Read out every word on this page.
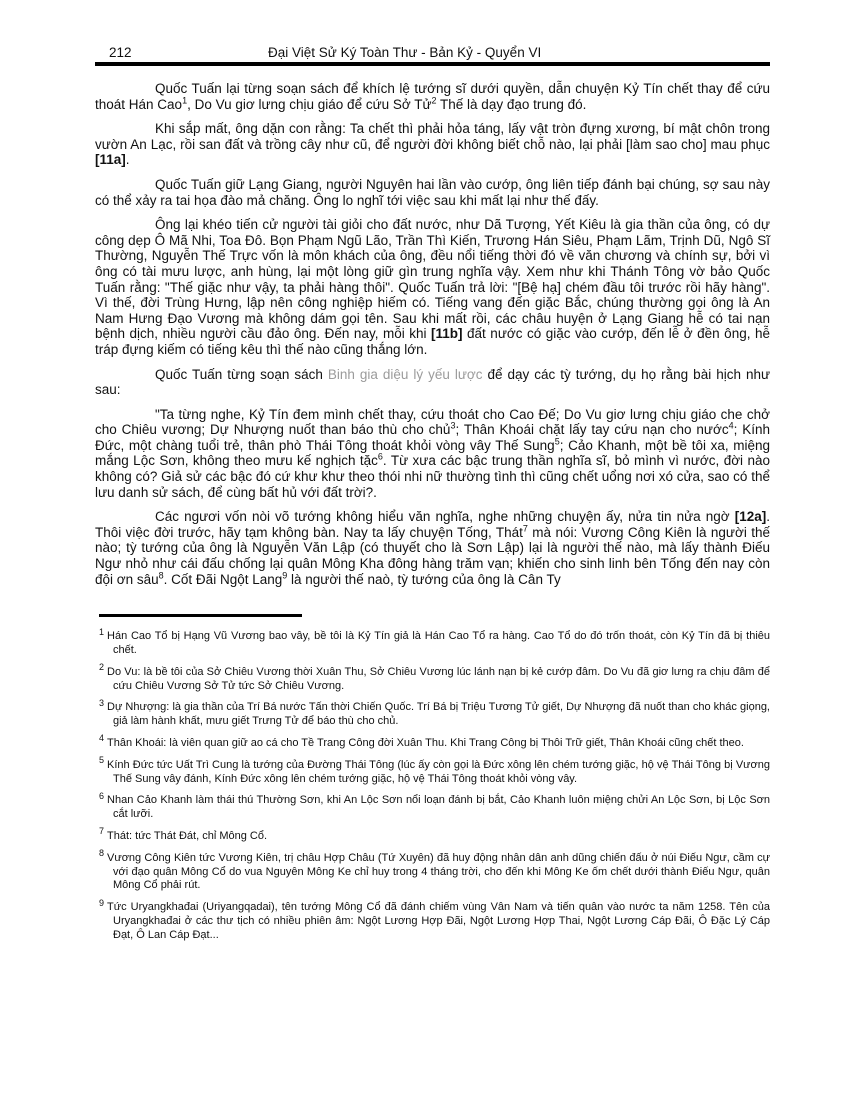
212	Đại Việt Sử Ký Toàn Thư - Bản Kỷ - Quyển VI

Quốc Tuấn lại từng soạn sách để khích lệ tướng sĩ dưới quyền, dẫn chuyện Kỷ Tín chết thay để cứu thoát Hán Cao$^1$, Do Vu giơ lưng chịu giáo để cứu Sở Tử$^2$ Thế là dạy đạo trung đó.

Khi sắp mất, ông dặn con rằng: Ta chết thì phải hỏa táng, lấy vật tròn đựng xương, bí mật chôn trong vườn An Lạc, rồi san đất và trồng cây như cũ, để người đời không biết chỗ nào, lại phải [làm sao cho] mau phục [11a].

Quốc Tuấn giữ Lạng Giang, người Nguyên hai lần vào cướp, ông liên tiếp đánh bại chúng, sợ sau này có thể xảy ra tai họa đào mả chăng. Ông lo nghĩ tới việc sau khi mất lại như thế đấy.

Ông lại khéo tiến cử người tài giỏi cho đất nước, như Dã Tượng, Yết Kiêu là gia thần của ông, có dự công dẹp Ô Mã Nhi, Toa Đô. Bọn Phạm Ngũ Lão, Trần Thì Kiến, Trương Hán Siêu, Phạm Lãm, Trịnh Dũ, Ngô Sĩ Thường, Nguyễn Thế Trực vốn là môn khách của ông, đều nổi tiếng thời đó về văn chương và chính sự, bởi vì ông có tài mưu lược, anh hùng, lại một lòng giữ gìn trung nghĩa vậy. Xem như khi Thánh Tông vờ bảo Quốc Tuấn rằng: "Thế giặc như vậy, ta phải hàng thôi". Quốc Tuấn trả lời: "[Bệ hạ] chém đầu tôi trước rồi hãy hàng". Vì thế, đời Trùng Hưng, lập nên công nghiệp hiếm có. Tiếng vang đến giặc Bắc, chúng thường gọi ông là An Nam Hưng Đạo Vương mà không dám gọi tên. Sau khi mất rồi, các châu huyện ở Lạng Giang hễ có tai nạn bệnh dịch, nhiều người cầu đảo ông. Đến nay, mỗi khi [11b] đất nước có giặc vào cướp, đến lễ ở đền ông, hễ tráp đựng kiếm có tiếng kêu thì thế nào cũng thắng lớn.

Quốc Tuấn từng soạn sách Binh gia diệu lý yếu lược để dạy các tỳ tướng, dụ họ rằng bài hịch như sau:

"Ta từng nghe, Kỷ Tín đem mình chết thay, cứu thoát cho Cao Đế; Do Vu giơ lưng chịu giáo che chở cho Chiêu vương; Dự Nhượng nuốt than báo thù cho chủ$^3$; Thân Khoái chặt lấy tay cứu nạn cho nước$^4$; Kính Đức, một chàng tuổi trẻ, thân phò Thái Tông thoát khỏi vòng vây Thế Sung$^5$; Cảo Khanh, một bề tôi xa, miệng mắng Lộc Sơn, không theo mưu kế nghịch tặc$^6$. Từ xưa các bậc trung thần nghĩa sĩ, bỏ mình vì nước, đời nào không có? Giả sử các bậc đó cứ khư khư theo thói nhi nữ thường tình thì cũng chết uổng nơi xó cửa, sao có thể lưu danh sử sách, để cùng bất hủ với đất trời?.

Các ngươi vốn nòi võ tướng không hiểu văn nghĩa, nghe những chuyện ấy, nửa tin nửa ngờ [12a]. Thôi việc đời trước, hãy tạm không bàn. Nay ta lấy chuyện Tống, Thát$^7$ mà nói: Vương Công Kiên là người thế nào; tỳ tướng của ông là Nguyễn Văn Lập (có thuyết cho là Sơn Lập) lại là người thế nào, mà lấy thành Điếu Ngư nhỏ như cái đấu chống lại quân Mông Kha đông hàng trăm vạn; khiến cho sinh linh bên Tống đến nay còn đội ơn sâu$^8$. Cốt Đãi Ngột Lang$^9$ là người thế naò, tỳ tướng của ông là Cân Ty

$^1$ Hán Cao Tổ bị Hạng Vũ Vương bao vây, bề tôi là Kỷ Tín giả là Hán Cao Tổ ra hàng. Cao Tổ do đó trốn thoát, còn Kỷ Tín đã bị thiêu chết.

$^2$ Do Vu: là bề tôi của Sở Chiêu Vương thời Xuân Thu, Sở Chiêu Vương lúc lánh nạn bị kẻ cướp đâm. Do Vu đã giơ lưng ra chịu đâm để cứu Chiêu Vương Sở Tử tức Sở Chiêu Vương.

$^3$ Dự Nhượng: là gia thần của Trí Bá nước Tấn thời Chiến Quốc. Trí Bá bị Triệu Tương Tử giết, Dự Nhượng đã nuốt than cho khác giọng, giả làm hành khất, mưu giết Trưng Tử để báo thù cho chủ.

$^4$ Thân Khoái: là viên quan giữ ao cá cho Tề Trang Công đời Xuân Thu. Khi Trang Công bị Thôi Trữ giết, Thân Khoái cũng chết theo.

$^5$ Kính Đức tức Uất Trì Cung là tướng của Đường Thái Tông (lúc ấy còn gọi là Đức xông lên chém tướng giặc, hộ vệ Thái Tông bị Vương Thế Sung vây đánh, Kính Đức xông lên chém tướng giặc, hộ vệ Thái Tông thoát khỏi vòng vây.

$^6$ Nhan Cảo Khanh làm thái thú Thường Sơn, khi An Lộc Sơn nổi loạn đánh bị bắt, Cảo Khanh luôn miệng chửi An Lộc Sơn, bị Lộc Sơn cắt lưỡi.

$^7$ Thát: tức Thát Đát, chỉ Mông Cổ.

$^8$ Vương Công Kiên tức Vương Kiên, trị châu Hợp Châu (Tứ Xuyên) đã huy động nhân dân anh dũng chiến đấu ở núi Điếu Ngư, cầm cự với đạo quân Mông Cổ do vua Nguyên Mông Ke chỉ huy trong 4 tháng trời, cho đến khi Mông Ke ốm chết dưới thành Điếu Ngư, quân Mông Cổ phải rút.

$^9$ Tức Uryangkhađai (Uriyangqadai), tên tướng Mông Cổ đã đánh chiếm vùng Vân Nam và tiến quân vào nước ta năm 1258. Tên của Uryangkhađai ở các thư tịch có nhiều phiên âm: Ngột Lương Hợp Đãi, Ngột Lương Hợp Thai, Ngột Lương Cáp Đãi, Ô Đặc Lý Cáp Đạt, Ô Lan Cáp Đạt...
